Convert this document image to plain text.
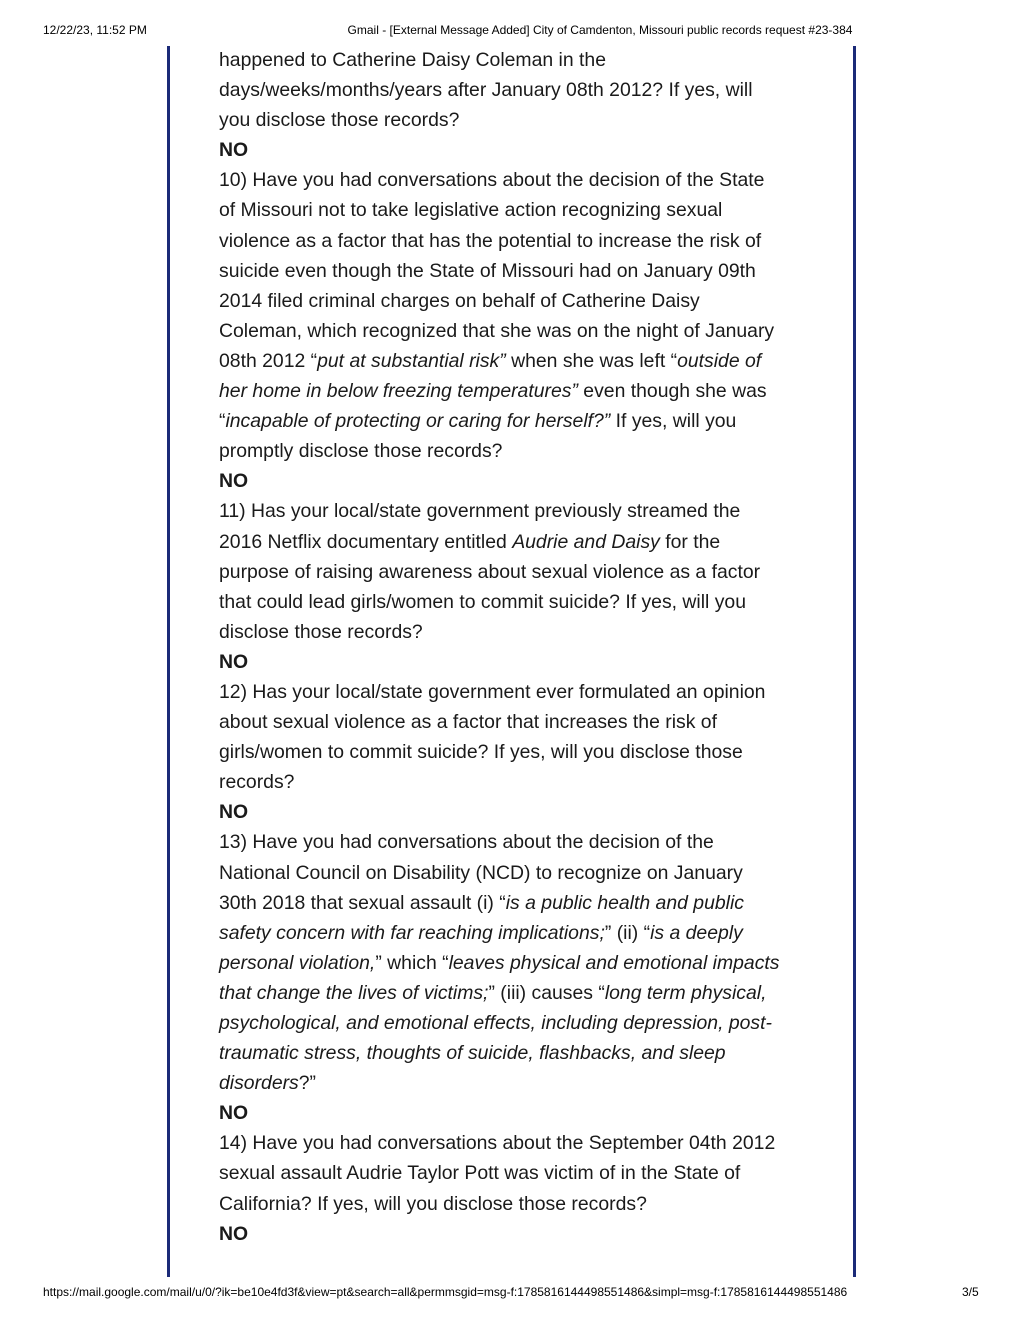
12/22/23, 11:52 PM	Gmail - [External Message Added] City of Camdenton, Missouri public records request #23-384
happened to Catherine Daisy Coleman in the
days/weeks/months/years after January 08th 2012? If yes, will
you disclose those records?
NO
10) Have you had conversations about the decision of the State
of Missouri not to take legislative action recognizing sexual
violence as a factor that has the potential to increase the risk of
suicide even though the State of Missouri had on January 09th
2014 filed criminal charges on behalf of Catherine Daisy
Coleman, which recognized that she was on the night of January
08th 2012 “put at substantial risk” when she was left “outside of
her home in below freezing temperatures” even though she was
“incapable of protecting or caring for herself?” If yes, will you
promptly disclose those records?
NO
11) Has your local/state government previously streamed the
2016 Netflix documentary entitled Audrie and Daisy for the
purpose of raising awareness about sexual violence as a factor
that could lead girls/women to commit suicide? If yes, will you
disclose those records?
NO
12) Has your local/state government ever formulated an opinion
about sexual violence as a factor that increases the risk of
girls/women to commit suicide? If yes, will you disclose those
records?
NO
13) Have you had conversations about the decision of the
National Council on Disability (NCD) to recognize on January
30th 2018 that sexual assault (i) “is a public health and public
safety concern with far reaching implications;” (ii) “is a deeply
personal violation,” which “leaves physical and emotional impacts
that change the lives of victims;” (iii) causes “long term physical,
psychological, and emotional effects, including depression, post-
traumatic stress, thoughts of suicide, flashbacks, and sleep
disorders?”
NO
14) Have you had conversations about the September 04th 2012
sexual assault Audrie Taylor Pott was victim of in the State of
California? If yes, will you disclose those records?
NO
https://mail.google.com/mail/u/0/?ik=be10e4fd3f&view=pt&search=all&permmsgid=msg-f:1785816144498551486&simpl=msg-f:1785816144498551486	3/5
